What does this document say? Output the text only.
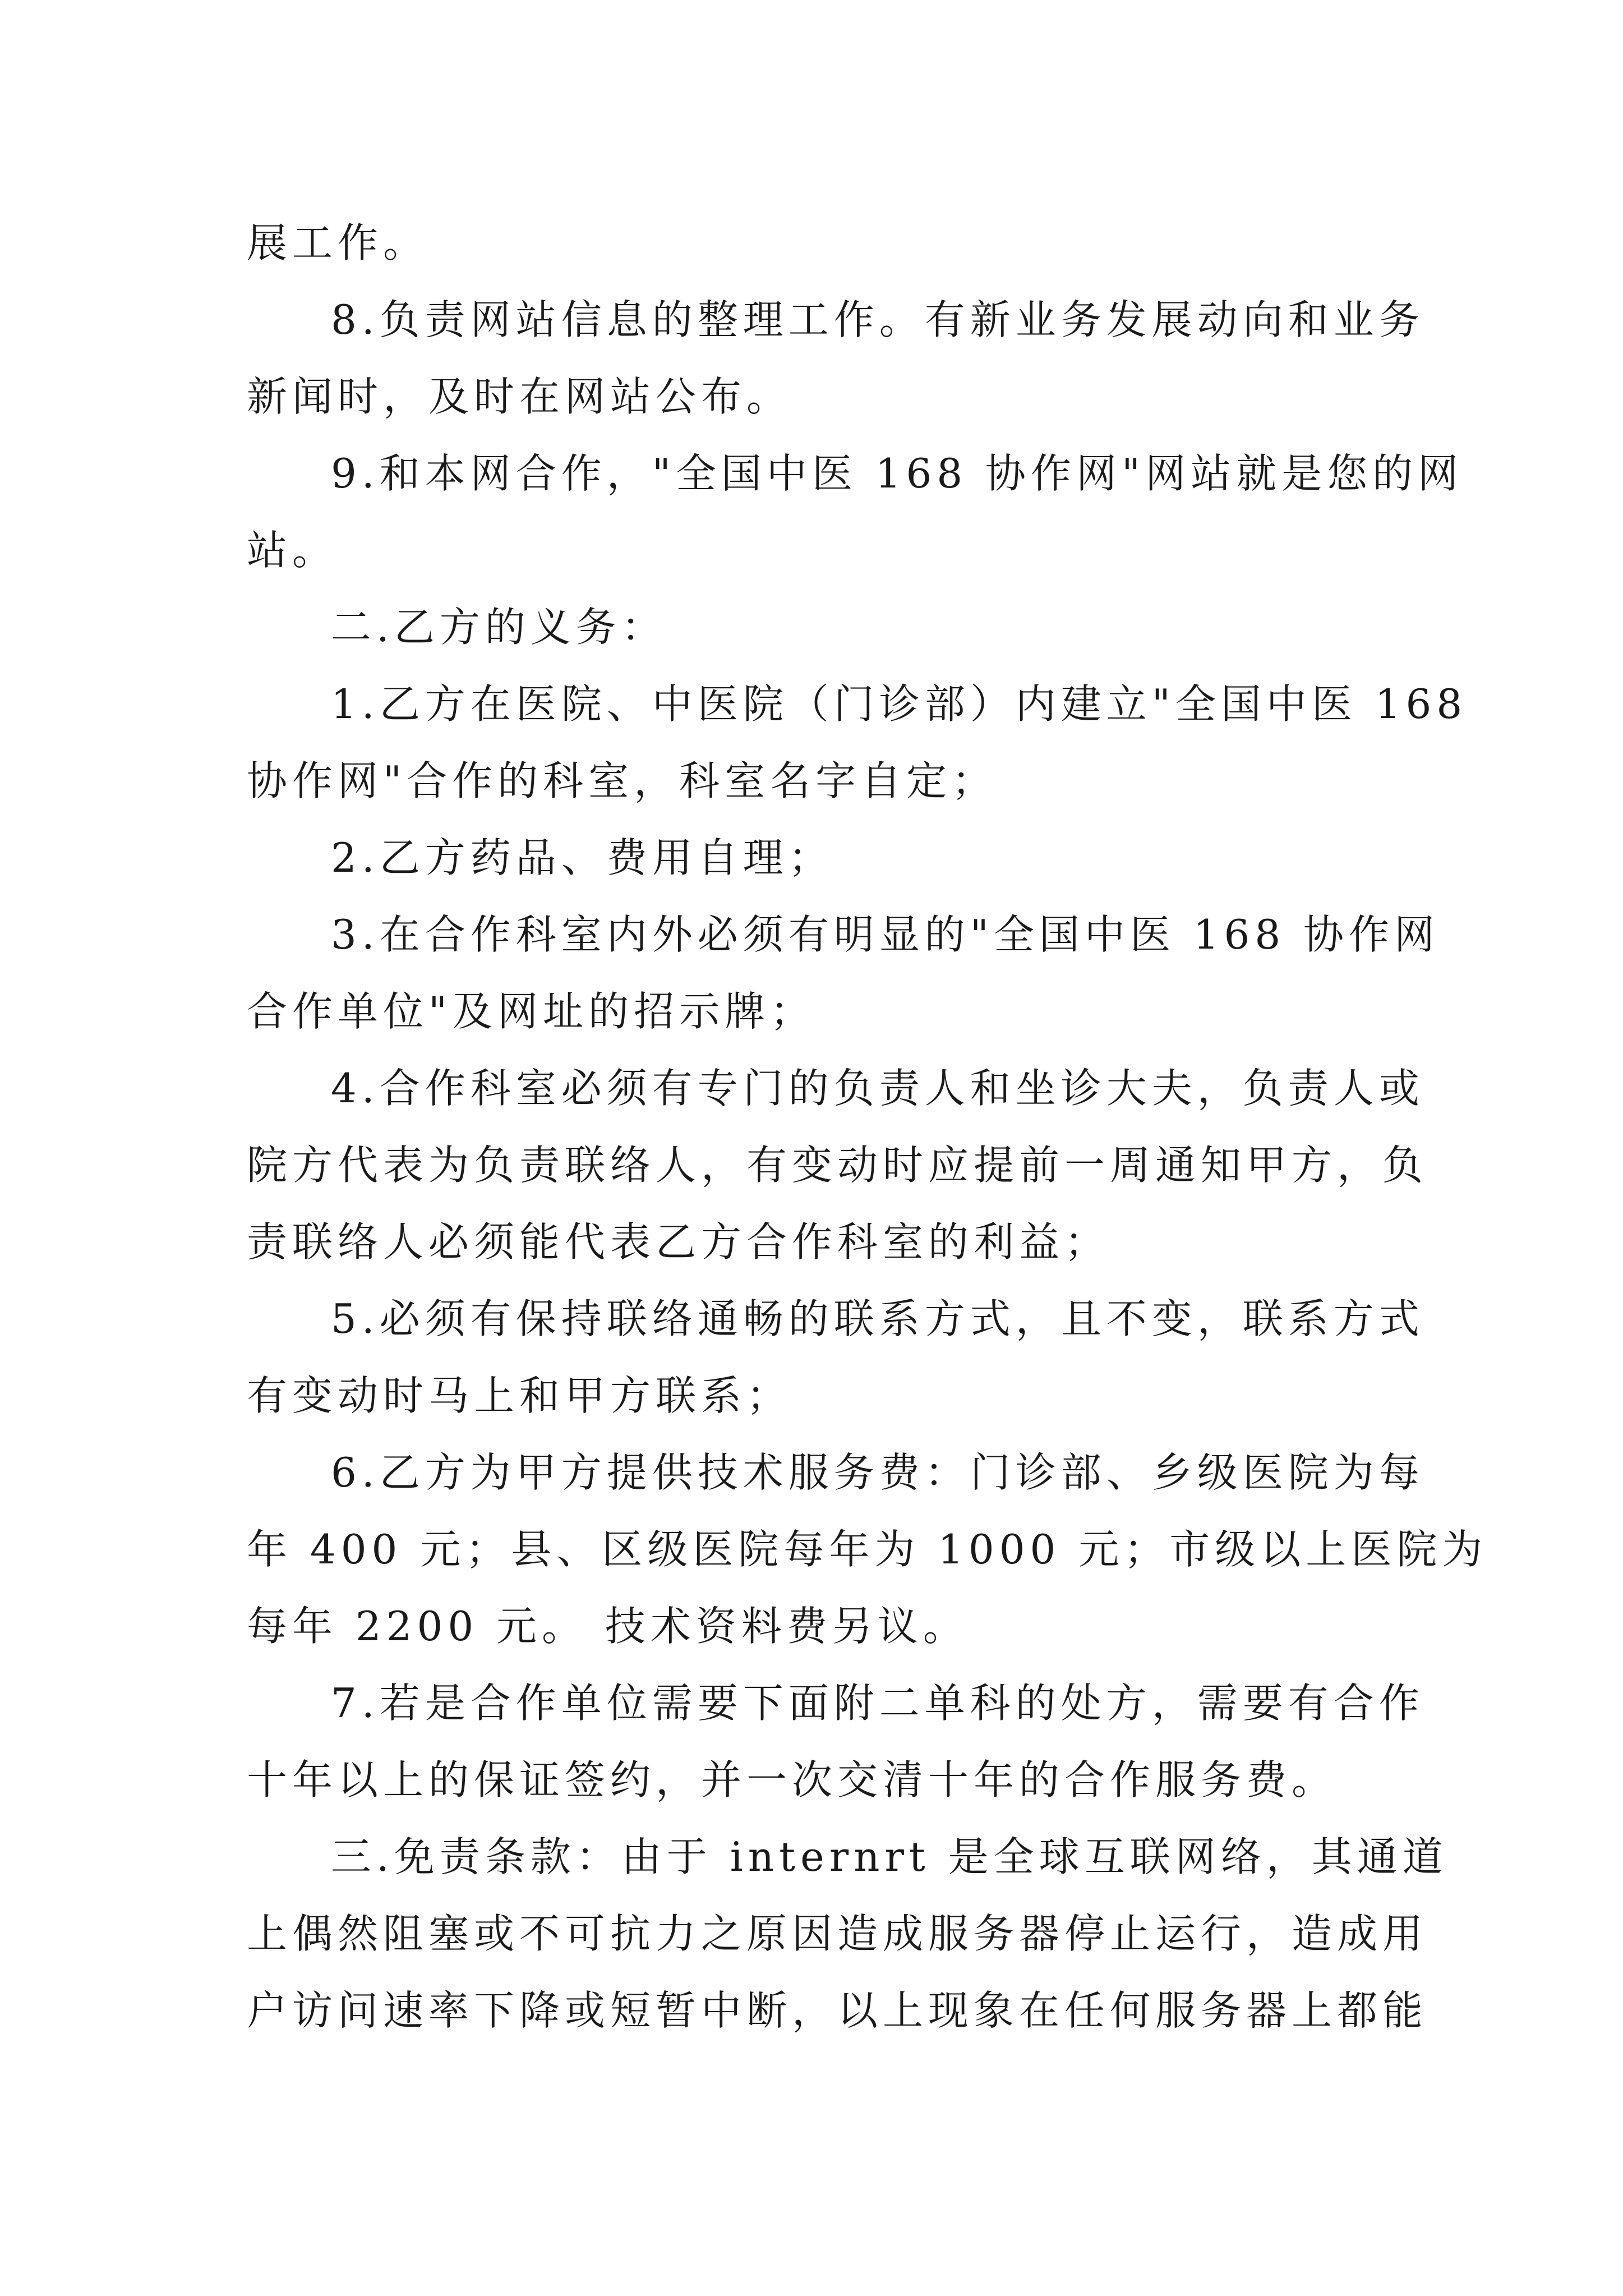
展工作。
8.负责网站信息的整理工作。有新业务发展动向和业务
新闻时，及时在网站公布。
9.和本网合作，"全国中医 168 协作网"网站就是您的网
站。
二.乙方的义务：
1.乙方在医院、中医院（门诊部）内建立"全国中医 168
协作网"合作的科室，科室名字自定；
2.乙方药品、费用自理；
3.在合作科室内外必须有明显的"全国中医 168 协作网
合作单位"及网址的招示牌；
4.合作科室必须有专门的负责人和坐诊大夫，负责人或
院方代表为负责联络人，有变动时应提前一周通知甲方，负
责联络人必须能代表乙方合作科室的利益；
5.必须有保持联络通畅的联系方式，且不变，联系方式
有变动时马上和甲方联系；
6.乙方为甲方提供技术服务费：门诊部、乡级医院为每
年 400 元；县、区级医院每年为 1000 元；市级以上医院为
每年 2200 元。 技术资料费另议。
7.若是合作单位需要下面附二单科的处方，需要有合作
十年以上的保证签约，并一次交清十年的合作服务费。
三.免责条款：由于 internrt 是全球互联网络，其通道
上偶然阻塞或不可抗力之原因造成服务器停止运行，造成用
户访问速率下降或短暂中断，以上现象在任何服务器上都能
